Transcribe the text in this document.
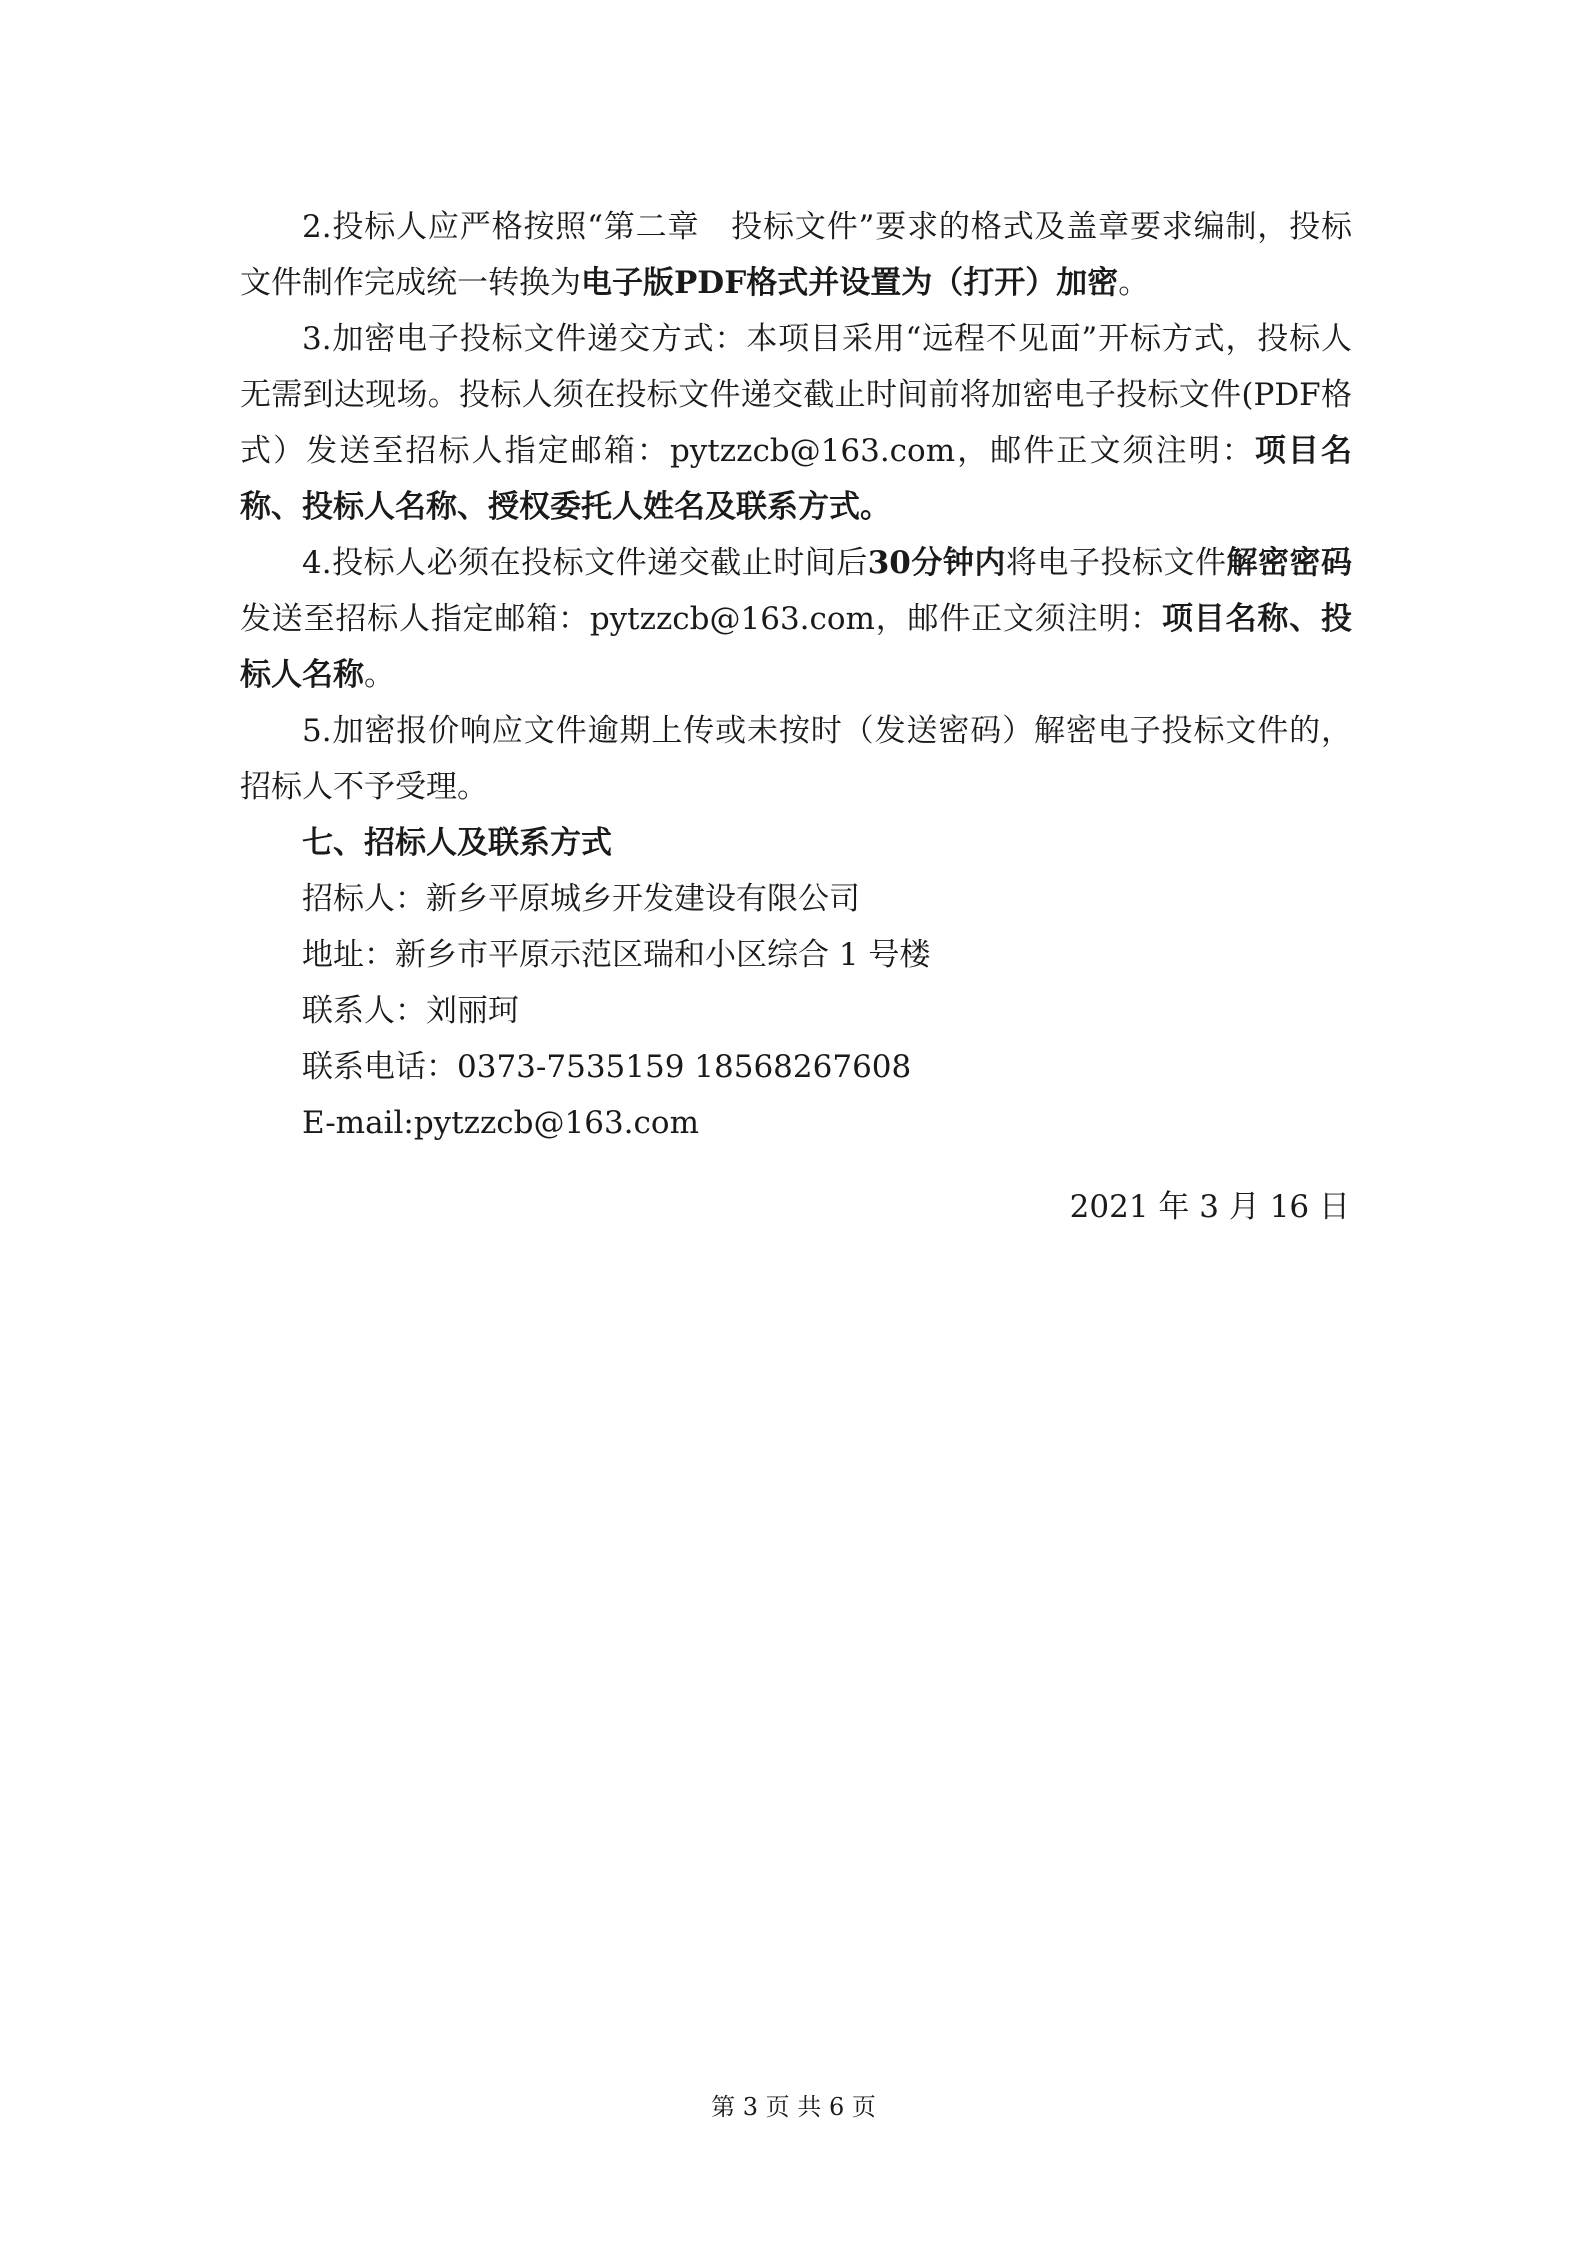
2.投标人应严格按照“第二章　投标文件”要求的格式及盖章要求编制，投标文件制作完成统一转换为电子版PDF格式并设置为（打开）加密。

3.加密电子投标文件递交方式：本项目采用“远程不见面”开标方式，投标人无需到达现场。投标人须在投标文件递交截止时间前将加密电子投标文件(PDF格式）发送至招标人指定邮箱：pytzzcb@163.com，邮件正文须注明：项目名称、投标人名称、授权委托人姓名及联系方式。

4.投标人必须在投标文件递交截止时间后30分钟内将电子投标文件解密密码发送至招标人指定邮箱：pytzzcb@163.com，邮件正文须注明：项目名称、投标人名称。

5.加密报价响应文件逾期上传或未按时（发送密码）解密电子投标文件的，招标人不予受理。

七、招标人及联系方式

招标人：新乡平原城乡开发建设有限公司

地址：新乡市平原示范区瑞和小区综合 1 号楼

联系人：刘丽珂

联系电话：0373-7535159 18568267608

E-mail:pytzzcb@163.com

2021 年 3 月 16 日

第 3 页 共 6 页
